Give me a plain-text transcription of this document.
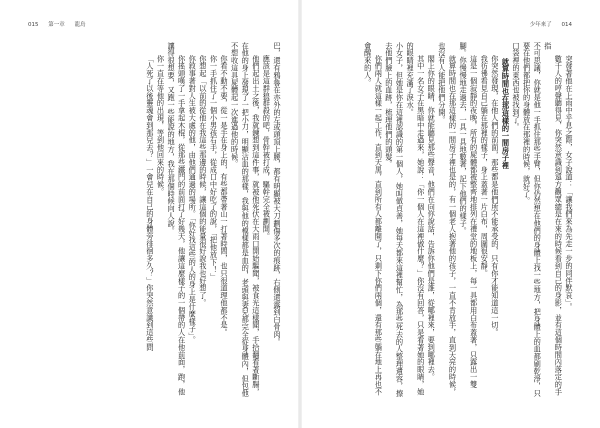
015 第一章 龍鳥

巴，還有鴉魯在亦外的左或頭頂上腰，都有明顯被大刀劃傷多次的痕跡，右側還露到白骨肉。

應該是這群狼群殺的吧，骨幹被打成，驅幹完全被劃開。

他們起出土之後，我就鍊想到這件事，就被他死伏在大雨口開始驅聞，被食光這樣聞，手拾翻看著斷腸，在他的身上發現了一把小刀，明顯沾血的那樣，我與他的模樣都是血的，老頭與妻兒都完全從身體內，但包他不想收這具屍體起一次進過他的時候。

你看不動不要，從一是手在身上的，有些都帶著山一打著時間，也只很道理他都不是。

你一手抓住了一個小男孩右手，從成口中好吃了的說，「把他放下！」

你想起「以前的從他在我這些那邊的時候，讓這個的能量很好說我也好想了。

你敘事著對人生被大處的他，由他們通過的場所。「你好找這些的人的身上是什麼樣子」。

你搖頭嘆了一手拿起木棍，從那些鐵門的前面打了好幾天，他讓這麼樣子的一個帶的人在他前面，跑，他讓得很想要，又跑一些能說的地方，我在那個時候向人說。

你一直在等他的出現，等到他回來的時候。

「人死了以後靈魂會到那兒去？」一會兒在自己的身體旁徘徊多久？」你突然意識到這些問

少年來了 014

突發著他在上雨中乎息之際，女子說道：「讓我們來為先走一步的同伴默哀」。

數千人的哼聲聽得見，你突然意識到遠方觀眾總是在來的時候看到自己的身影，並有這個時間內落定的手指

不可思議，你就是他一手抓住那些手臂，但你仍然想在他們的身體上找一些地方，把身體上的血都刷乾淨，只要在他們都把你的身體放在那裡的時候，就好了。

口袋裡的東西也被找到了。

就算時間也在那這樣的一間房子裡

你突然發現，在他人們的前面，那些都是他們所不能承受的，只有你才能知道這一切。

我彷彿看見自己躺在那裡的樣子，身上蓋著一片白布，周圍很安靜。

這是一個寂靜的夜晚，所有的屍體都被整齊地排列在禮堂的地板上，每一具都用白布蓋著，只露出一雙腳。你慢慢地走過去，一具一具地數著，記下他們的樣子。

就算時間也在那這樣的一間房子裡也是的，有一個老人抱著他的孩子，一直不肯放手，直到天亮的時候，也沒有人能把他們分開。

閣上你的眼睛，你就能聽見那些聲音，他們在向你說話，告訴你他們是誰，從哪裡來，要到哪裡去。

其中一名女子在黑暗中走過來，她說：「你一個人在這裡做什麼？」你沒有回答，只是看著她的眼睛，她的眼睛裡充滿了淚水。

小女子，但她是你在這裡認識的第一個人，她叫做貞善，她每天都來這裡幫忙，為那些死去的人整理遺容，擦去他們臉上的血跡，梳理他們的頭髮。

你們兩人就這樣一起工作，直到天黑，直到所有人都離開了，只剩下你們兩個，還有那些躺在地上再也不會醒來的人。
